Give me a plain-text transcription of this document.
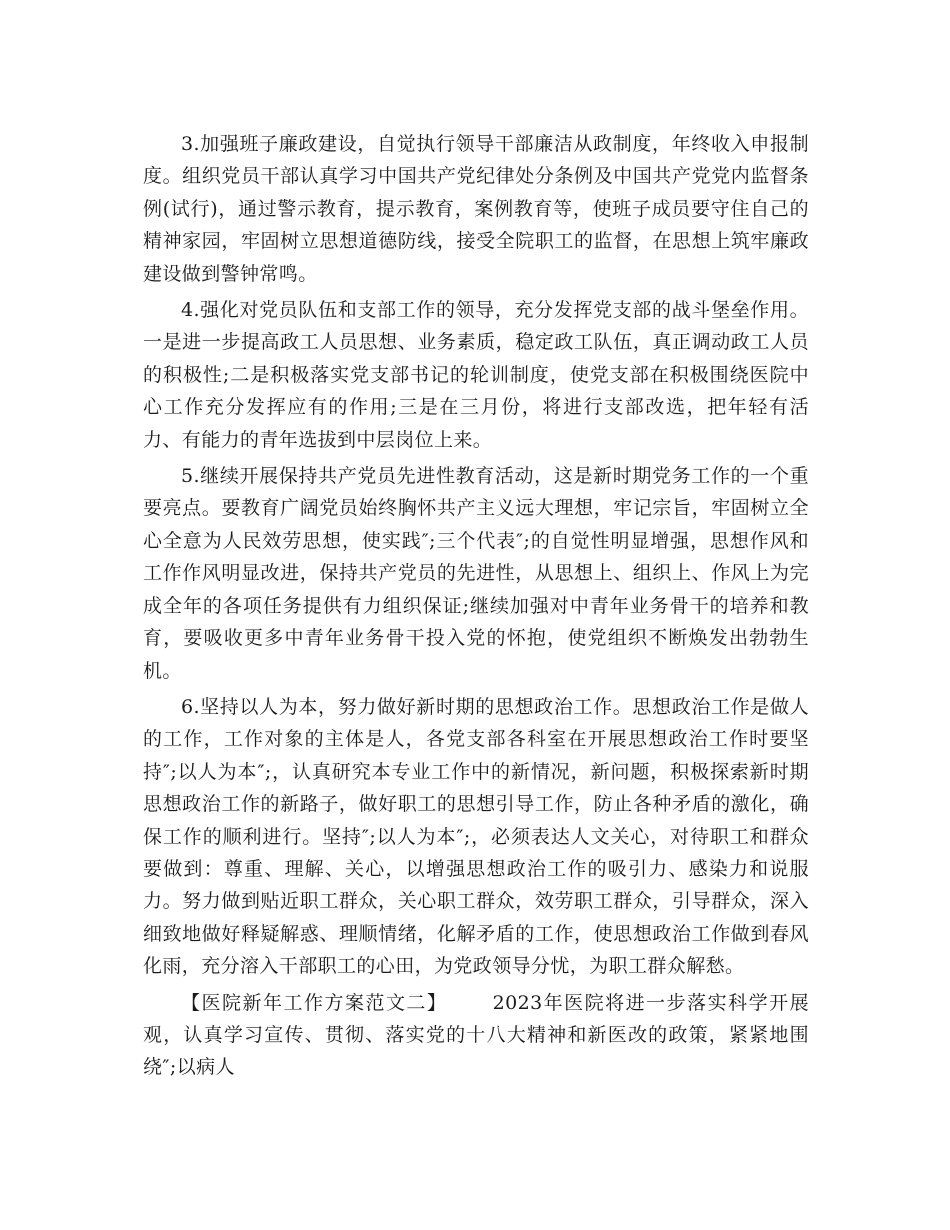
3.加强班子廉政建设，自觉执行领导干部廉洁从政制度，年终收入申报制度。组织党员干部认真学习中国共产党纪律处分条例及中国共产党党内监督条例(试行)，通过警示教育，提示教育，案例教育等，使班子成员要守住自己的精神家园，牢固树立思想道德防线，接受全院职工的监督，在思想上筑牢廉政建设做到警钟常鸣。

4.强化对党员队伍和支部工作的领导，充分发挥党支部的战斗堡垒作用。一是进一步提高政工人员思想、业务素质，稳定政工队伍，真正调动政工人员的积极性;二是积极落实党支部书记的轮训制度，使党支部在积极围绕医院中心工作充分发挥应有的作用;三是在三月份，将进行支部改选，把年轻有活力、有能力的青年选拔到中层岗位上来。

5.继续开展保持共产党员先进性教育活动，这是新时期党务工作的一个重要亮点。要教育广阔党员始终胸怀共产主义远大理想，牢记宗旨，牢固树立全心全意为人民效劳思想，使实践″;三个代表″;的自觉性明显增强，思想作风和工作作风明显改进，保持共产党员的先进性，从思想上、组织上、作风上为完成全年的各项任务提供有力组织保证;继续加强对中青年业务骨干的培养和教育，要吸收更多中青年业务骨干投入党的怀抱，使党组织不断焕发出勃勃生机。

6.坚持以人为本，努力做好新时期的思想政治工作。思想政治工作是做人的工作，工作对象的主体是人，各党支部各科室在开展思想政治工作时要坚持″;以人为本″;，认真研究本专业工作中的新情况，新问题，积极探索新时期思想政治工作的新路子，做好职工的思想引导工作，防止各种矛盾的激化，确保工作的顺利进行。坚持″;以人为本″;，必须表达人文关心，对待职工和群众要做到：尊重、理解、关心，以增强思想政治工作的吸引力、感染力和说服力。努力做到贴近职工群众，关心职工群众，效劳职工群众，引导群众，深入细致地做好释疑解惑、理顺情绪，化解矛盾的工作，使思想政治工作做到春风化雨，充分溶入干部职工的心田，为党政领导分忧，为职工群众解愁。

【医院新年工作方案范文二】 2023年医院将进一步落实科学开展观，认真学习宣传、贯彻、落实党的十八大精神和新医改的政策，紧紧地围绕″;以病人
